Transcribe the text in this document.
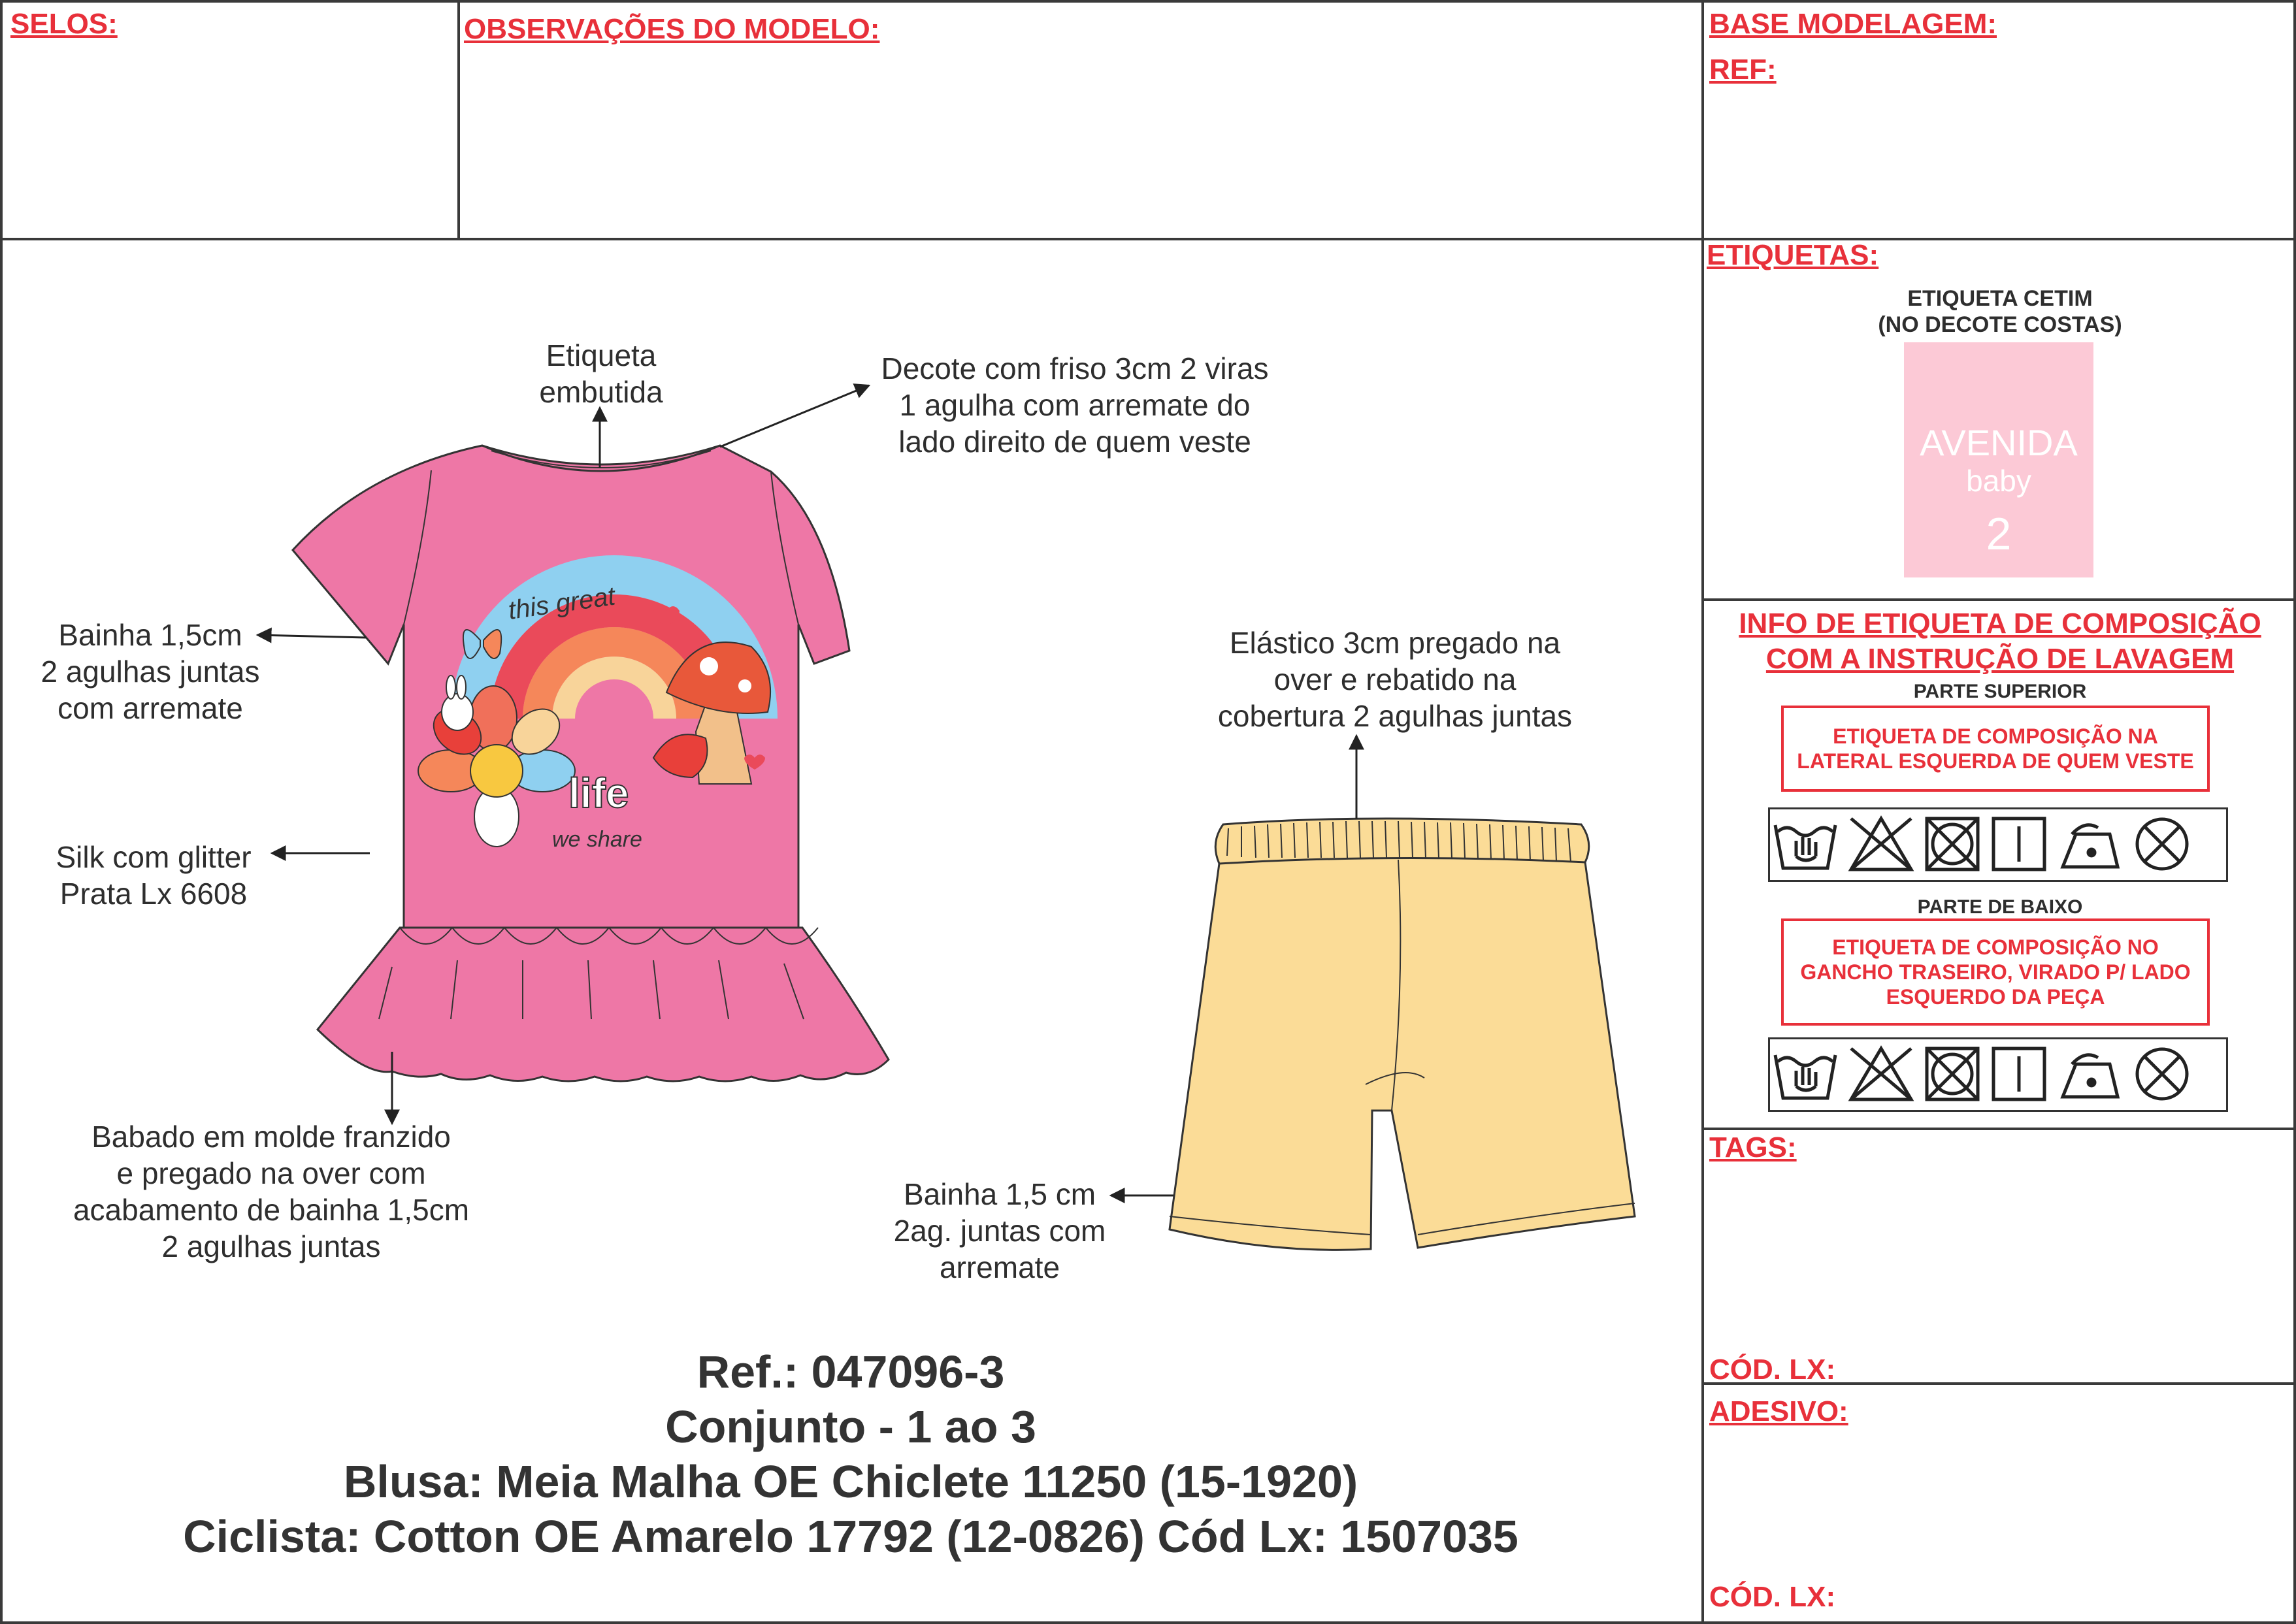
SELOS:	OBSERVAÇÕES DO MODELO:	BASE MODELAGEM:
REF:
ETIQUETAS:
TAGS:
CÓD. LX:
ADESIVO:
CÓD. LX:
ETIQUETA CETIM
(NO DECOTE COSTAS)
AVENIDA
baby
2
INFO DE ETIQUETA DE COMPOSIÇÃO
COM A INSTRUÇÃO DE LAVAGEM
PARTE SUPERIOR
ETIQUETA DE COMPOSIÇÃO NA LATERAL ESQUERDA DE QUEM VESTE
PARTE DE BAIXO
ETIQUETA DE COMPOSIÇÃO NO GANCHO TRASEIRO, VIRADO P/ LADO ESQUERDO DA PEÇA
this great
life
we share
Etiqueta
embutida
Decote com friso 3cm 2 viras
1 agulha com arremate do
lado direito de quem veste
Bainha 1,5cm
2 agulhas juntas
com arremate
Silk com glitter
Prata Lx 6608
Babado em molde franzido
e pregado na over com
acabamento de bainha 1,5cm
2 agulhas juntas
Elástico 3cm pregado na
over e rebatido na
cobertura 2 agulhas juntas
Bainha 1,5 cm
2ag. juntas com
arremate
Ref.: 047096-3
Conjunto - 1 ao 3
Blusa: Meia Malha OE Chiclete 11250 (15-1920)
Ciclista: Cotton OE Amarelo 17792 (12-0826) Cód Lx: 1507035
